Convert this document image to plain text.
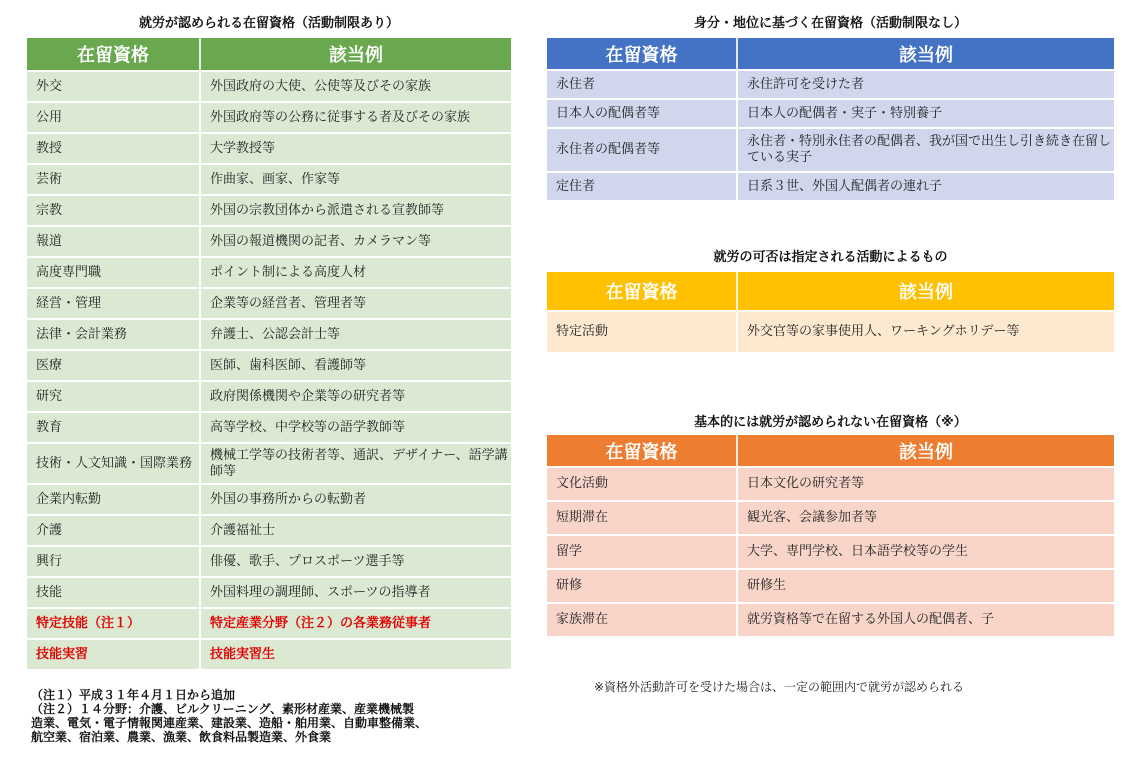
就労が認められる在留資格（活動制限あり）
在留資格	該当例
外交	外国政府の大使、公使等及びその家族
公用	外国政府等の公務に従事する者及びその家族
教授	大学教授等
芸術	作曲家、画家、作家等
宗教	外国の宗教団体から派遣される宣教師等
報道	外国の報道機関の記者、カメラマン等
高度専門職	ポイント制による高度人材
経営・管理	企業等の経営者、管理者等
法律・会計業務	弁護士、公認会計士等
医療	医師、歯科医師、看護師等
研究	政府関係機関や企業等の研究者等
教育	高等学校、中学校等の語学教師等
技術・人文知識・国際業務	機械工学等の技術者等、通訳、デザイナー、語学講師等
企業内転勤	外国の事務所からの転勤者
介護	介護福祉士
興行	俳優、歌手、プロスポーツ選手等
技能	外国料理の調理師、スポーツの指導者
特定技能（注１）	特定産業分野（注２）の各業務従事者
技能実習	技能実習生
（注１）平成３１年４月１日から追加
（注２）１４分野：介護、ビルクリーニング、素形材産業、産業機械製
造業、電気・電子情報関連産業、建設業、造船・舶用業、自動車整備業、
航空業、宿泊業、農業、漁業、飲食料品製造業、外食業
身分・地位に基づく在留資格（活動制限なし）
在留資格	該当例
永住者	永住許可を受けた者
日本人の配偶者等	日本人の配偶者・実子・特別養子
永住者の配偶者等	永住者・特別永住者の配偶者、我が国で出生し引き続き在留している実子
定住者	日系３世、外国人配偶者の連れ子
就労の可否は指定される活動によるもの
在留資格	該当例
特定活動	外交官等の家事使用人、ワーキングホリデー等
基本的には就労が認められない在留資格（※）
在留資格	該当例
文化活動	日本文化の研究者等
短期滞在	観光客、会議参加者等
留学	大学、専門学校、日本語学校等の学生
研修	研修生
家族滞在	就労資格等で在留する外国人の配偶者、子
※資格外活動許可を受けた場合は、一定の範囲内で就労が認められる
